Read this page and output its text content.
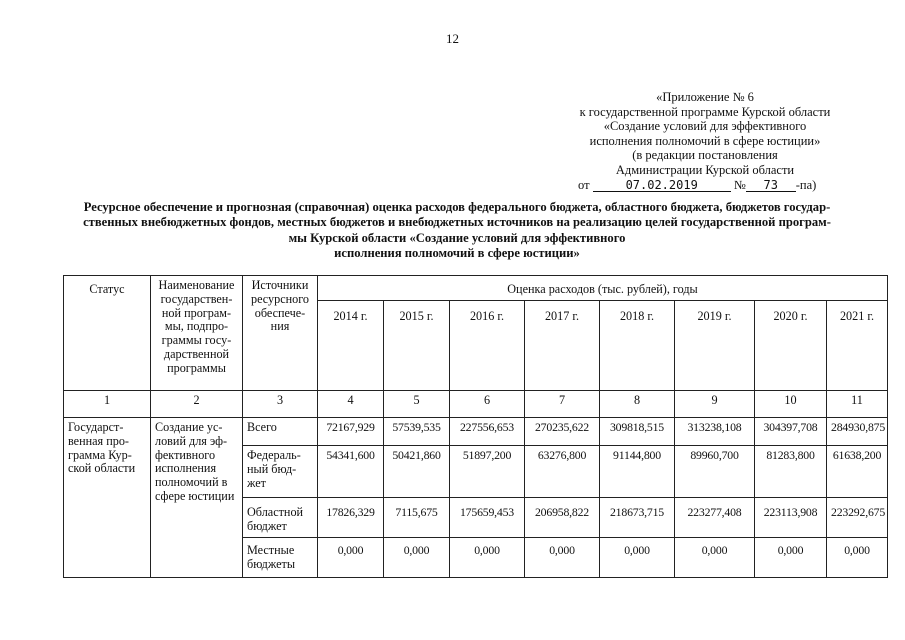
12
«Приложение № 6
к государственной программе Курской области
«Создание условий для эффективного
исполнения полномочий в сфере юстиции»
(в редакции постановления
Администрации Курской области
от	07.02.2019	№ 73 -па)
Ресурсное обеспечение и прогнозная (справочная) оценка расходов федерального бюджета, областного бюджета, бюджетов государ-
ственных внебюджетных фондов, местных бюджетов и внебюджетных источников на реализацию целей государственной програм-
мы Курской области «Создание условий для эффективного
исполнения полномочий в сфере юстиции»
Статус	Наименование государствен-ной програм-мы, подпро-граммы госу-дарственной программы	Источники ресурсного обеспече-ния	Оценка расходов (тыс. рублей), годы							
			2014 г.	2015 г.	2016 г.	2017 г.	2018 г.	2019 г.	2020 г.	2021 г.
1	2	3	4	5	6	7	8	9	10	11
Государст-венная про-грамма Кур-ской области	Создание ус-ловий для эф-фективного исполнения полномочий в сфере юстиции	Всего	72167,929	57539,535	227556,653	270235,622	309818,515	313238,108	304397,708	284930,875
		Федераль-ный бюд-жет	54341,600	50421,860	51897,200	63276,800	91144,800	89960,700	81283,800	61638,200
		Областной бюджет	17826,329	7115,675	175659,453	206958,822	218673,715	223277,408	223113,908	223292,675
		Местные бюджеты	0,000	0,000	0,000	0,000	0,000	0,000	0,000	0,000
